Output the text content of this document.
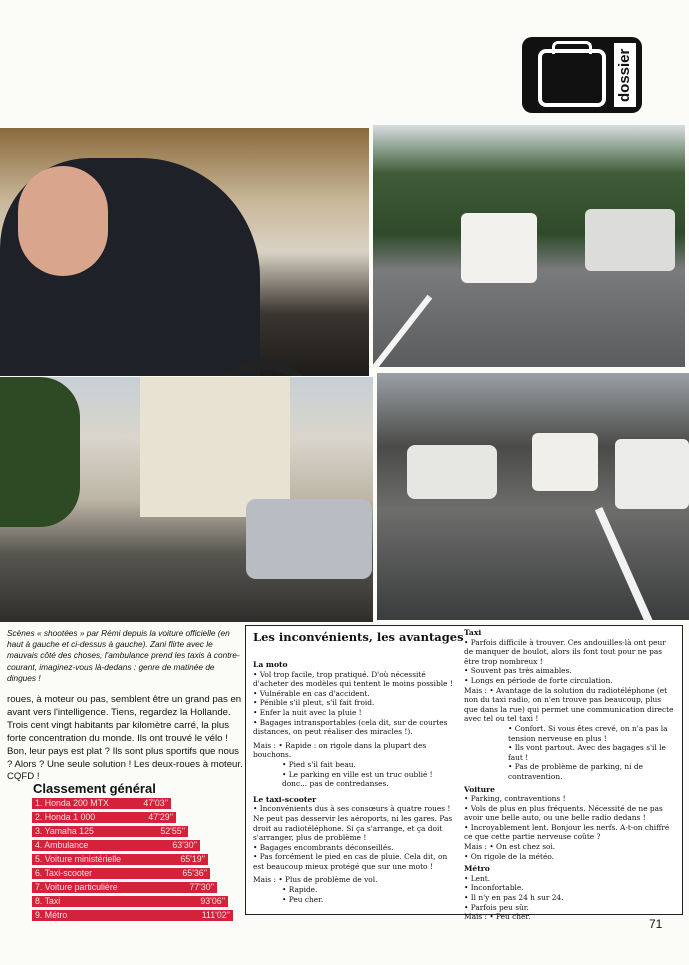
dossier
Scènes « shootées » par Rémi depuis la voiture officielle (en haut à gauche et ci-dessus à gauche). Zani flirte avec le mauvais côté des choses, l'ambulance prend les taxis à contre-courant, imaginez-vous là-dedans : genre de matinée de dingues !
roues, à moteur ou pas, semblent être un grand pas en avant vers l'intelligence. Tiens, regardez la Hollande. Trois cent vingt habitants par kilomètre carré, la plus forte concentration du monde. Ils ont trouvé le vélo ! Bon, leur pays est plat ? Ils sont plus sportifs que nous ? Alors ? Une seule solution ! Les deux-roues à moteur. CQFD !
Classement général
1. Honda 200 MTX	47'03''
2. Honda 1 000	47'29''
3. Yamaha 125	52'55''
4. Ambulance	63'30''
5. Voiture ministérielle	65'19''
6. Taxi-scooter	65'36''
7. Voiture particulière	77'30''
8. Taxi	93'06''
9. Métro	111'02''
Les inconvénients, les avantages
La moto
• Vol trop facile, trop pratiqué. D'où nécessité d'acheter des modèles qui tentent le moins possible !
• Vulnérable en cas d'accident.
• Pénible s'il pleut, s'il fait froid.
• Enfer la nuit avec la pluie !
• Bagages intransportables (cela dit, sur de courtes distances, on peut réaliser des miracles !).
Mais : • Rapide : on rigole dans la plupart des bouchons.
• Pied s'il fait beau.
• Le parking en ville est un truc oublié ! donc... pas de contredanses.
Le taxi-scooter
• Inconvénients dus à ses consœurs à quatre roues ! Ne peut pas desservir les aéroports, ni les gares. Pas droit au radiotéléphone. Si ça s'arrange, et ça doit s'arranger, plus de problème !
• Bagages encombrants déconseillés.
• Pas forcément le pied en cas de pluie. Cela dit, on est beaucoup mieux protégé que sur une moto !
Mais : • Plus de problème de vol.
• Rapide.
• Peu cher.
Taxi
• Parfois difficile à trouver. Ces andouilles-là ont peur de manquer de boulot, alors ils font tout pour ne pas être trop nombreux !
• Souvent pas très aimables.
• Longs en période de forte circulation.
Mais : • Avantage de la solution du radiotéléphone (et non du taxi radio, on n'en trouve pas beaucoup, plus que dans la rue) qui permet une communication directe avec tel ou tel taxi !
• Confort. Si vous êtes crevé, on n'a pas la tension nerveuse en plus !
• Ils vont partout. Avec des bagages s'il le faut !
• Pas de problème de parking, ni de contravention.
Voiture
• Parking, contraventions !
• Vols de plus en plus fréquents. Nécessité de ne pas avoir une belle auto, ou une belle radio dedans !
• Incroyablement lent. Bonjour les nerfs. A-t-on chiffré ce que cette partie nerveuse coûte ?
Mais : • On est chez soi.
• On rigole de la météo.
Métro
• Lent.
• Inconfortable.
• Il n'y en pas 24 h sur 24.
• Parfois peu sûr.
Mais : • Peu cher.
71
